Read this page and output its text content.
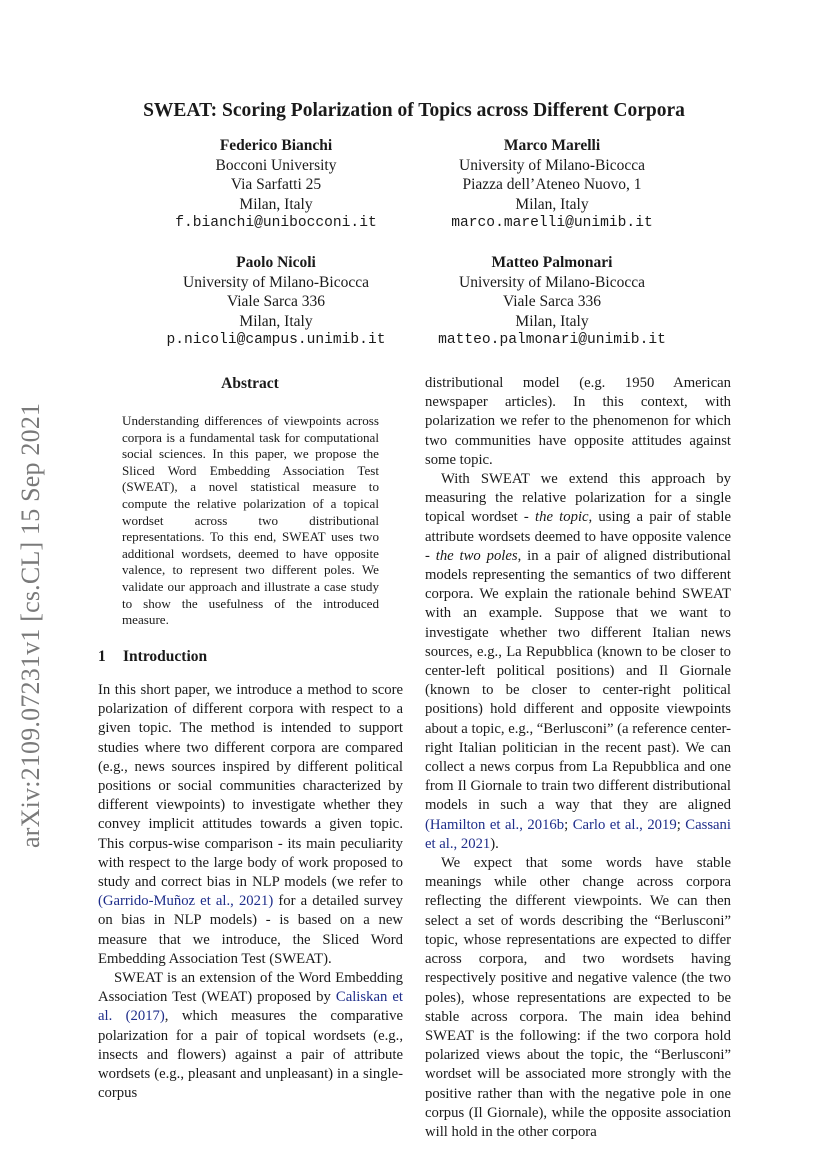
arXiv:2109.07231v1 [cs.CL] 15 Sep 2021
SWEAT: Scoring Polarization of Topics across Different Corpora
Federico Bianchi
Bocconi University
Via Sarfatti 25
Milan, Italy
f.bianchi@unibocconi.it
Marco Marelli
University of Milano-Bicocca
Piazza dell’Ateneo Nuovo, 1
Milan, Italy
marco.marelli@unimib.it
Paolo Nicoli
University of Milano-Bicocca
Viale Sarca 336
Milan, Italy
p.nicoli@campus.unimib.it
Matteo Palmonari
University of Milano-Bicocca
Viale Sarca 336
Milan, Italy
matteo.palmonari@unimib.it
Abstract
Understanding differences of viewpoints across corpora is a fundamental task for computational social sciences. In this paper, we propose the Sliced Word Embedding Association Test (SWEAT), a novel statistical measure to compute the relative polarization of a topical wordset across two distributional representations. To this end, SWEAT uses two additional wordsets, deemed to have opposite valence, to represent two different poles. We validate our approach and illustrate a case study to show the usefulness of the introduced measure.
1 Introduction

In this short paper, we introduce a method to score polarization of different corpora with respect to a given topic. The method is intended to support studies where two different corpora are compared (e.g., news sources inspired by different political positions or social communities characterized by different viewpoints) to investigate whether they convey implicit attitudes towards a given topic. This corpus-wise comparison - its main peculiarity with respect to the large body of work proposed to study and correct bias in NLP models (we refer to (Garrido-Muñoz et al., 2021) for a detailed survey on bias in NLP models) - is based on a new measure that we introduce, the Sliced Word Embedding Association Test (SWEAT).

SWEAT is an extension of the Word Embedding Association Test (WEAT) proposed by Caliskan et al. (2017), which measures the comparative polarization for a pair of topical wordsets (e.g., insects and flowers) against a pair of attribute wordsets (e.g., pleasant and unpleasant) in a single-corpus

distributional model (e.g. 1950 American newspaper articles). In this context, with polarization we refer to the phenomenon for which two communities have opposite attitudes against some topic.

With SWEAT we extend this approach by measuring the relative polarization for a single topical wordset - the topic, using a pair of stable attribute wordsets deemed to have opposite valence - the two poles, in a pair of aligned distributional models representing the semantics of two different corpora. We explain the rationale behind SWEAT with an example. Suppose that we want to investigate whether two different Italian news sources, e.g., La Repubblica (known to be closer to center-left political positions) and Il Giornale (known to be closer to center-right political positions) hold different and opposite viewpoints about a topic, e.g., “Berlusconi” (a reference center-right Italian politician in the recent past). We can collect a news corpus from La Repubblica and one from Il Giornale to train two different distributional models in such a way that they are aligned (Hamilton et al., 2016b; Carlo et al., 2019; Cassani et al., 2021).

We expect that some words have stable meanings while other change across corpora reflecting the different viewpoints. We can then select a set of words describing the “Berlusconi” topic, whose representations are expected to differ across corpora, and two wordsets having respectively positive and negative valence (the two poles), whose representations are expected to be stable across corpora. The main idea behind SWEAT is the following: if the two corpora hold polarized views about the topic, the “Berlusconi” wordset will be associated more strongly with the positive rather than with the negative pole in one corpus (Il Giornale), while the opposite association will hold in the other corpora
